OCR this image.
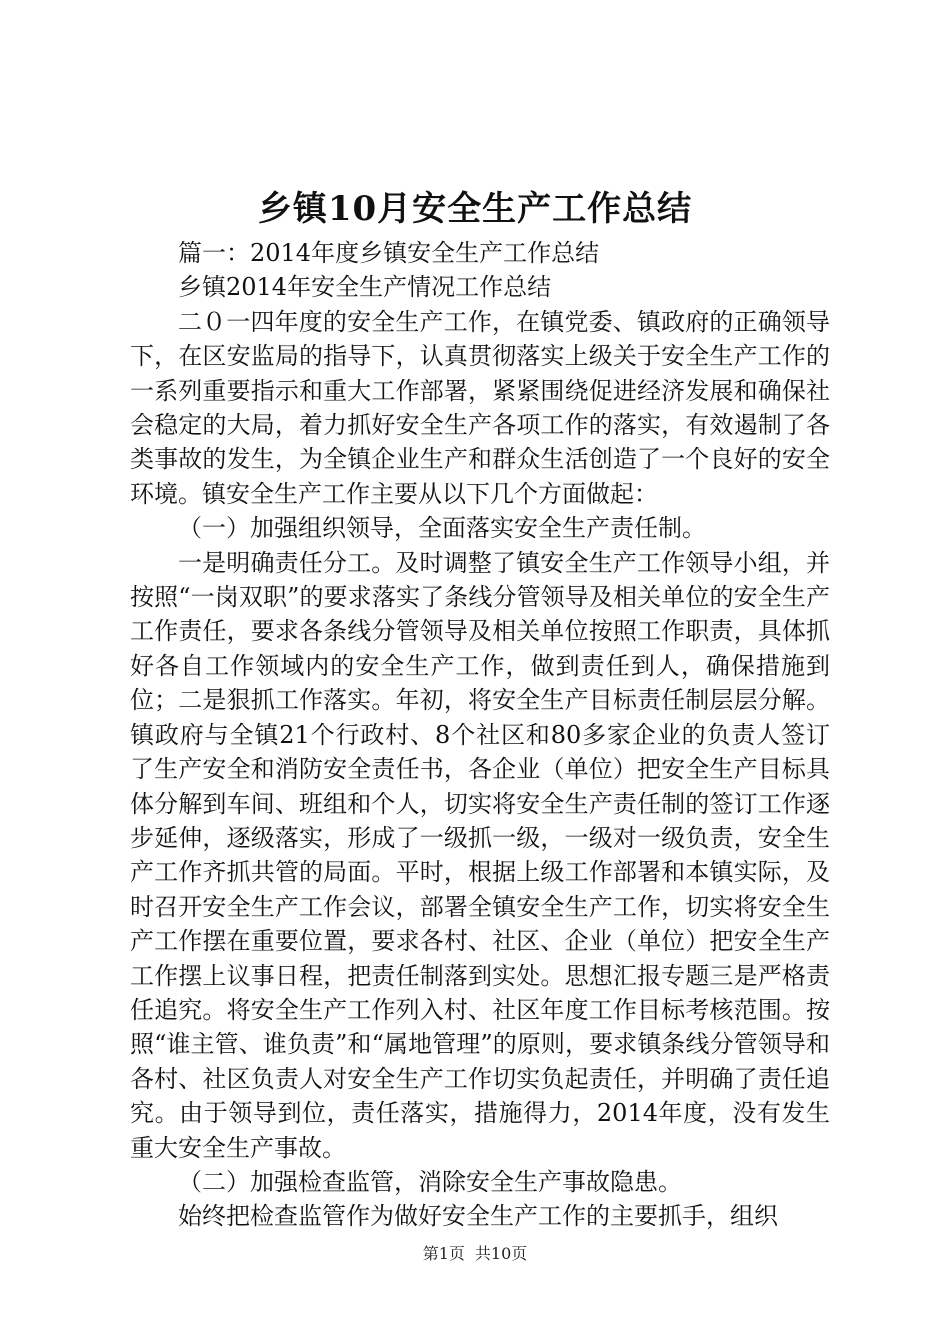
乡镇10月安全生产工作总结

篇一：2014年度乡镇安全生产工作总结

乡镇2014年安全生产情况工作总结

二０一四年度的安全生产工作，在镇党委、镇政府的正确领导下，在区安监局的指导下，认真贯彻落实上级关于安全生产工作的一系列重要指示和重大工作部署，紧紧围绕促进经济发展和确保社会稳定的大局，着力抓好安全生产各项工作的落实，有效遏制了各类事故的发生，为全镇企业生产和群众生活创造了一个良好的安全环境。镇安全生产工作主要从以下几个方面做起：

（一）加强组织领导，全面落实安全生产责任制。

一是明确责任分工。及时调整了镇安全生产工作领导小组，并按照“一岗双职”的要求落实了条线分管领导及相关单位的安全生产工作责任，要求各条线分管领导及相关单位按照工作职责，具体抓好各自工作领域内的安全生产工作，做到责任到人，确保措施到位；二是狠抓工作落实。年初，将安全生产目标责任制层层分解。镇政府与全镇21个行政村、8个社区和80多家企业的负责人签订了生产安全和消防安全责任书，各企业（单位）把安全生产目标具体分解到车间、班组和个人，切实将安全生产责任制的签订工作逐步延伸，逐级落实，形成了一级抓一级，一级对一级负责，安全生产工作齐抓共管的局面。平时，根据上级工作部署和本镇实际，及时召开安全生产工作会议，部署全镇安全生产工作，切实将安全生产工作摆在重要位置，要求各村、社区、企业（单位）把安全生产工作摆上议事日程，把责任制落到实处。思想汇报专题三是严格责任追究。将安全生产工作列入村、社区年度工作目标考核范围。按照“谁主管、谁负责”和“属地管理”的原则，要求镇条线分管领导和各村、社区负责人对安全生产工作切实负起责任，并明确了责任追究。由于领导到位，责任落实，措施得力，2014年度，没有发生重大安全生产事故。

（二）加强检查监管，消除安全生产事故隐患。

始终把检查监管作为做好安全生产工作的主要抓手，组织

第1页 共10页
